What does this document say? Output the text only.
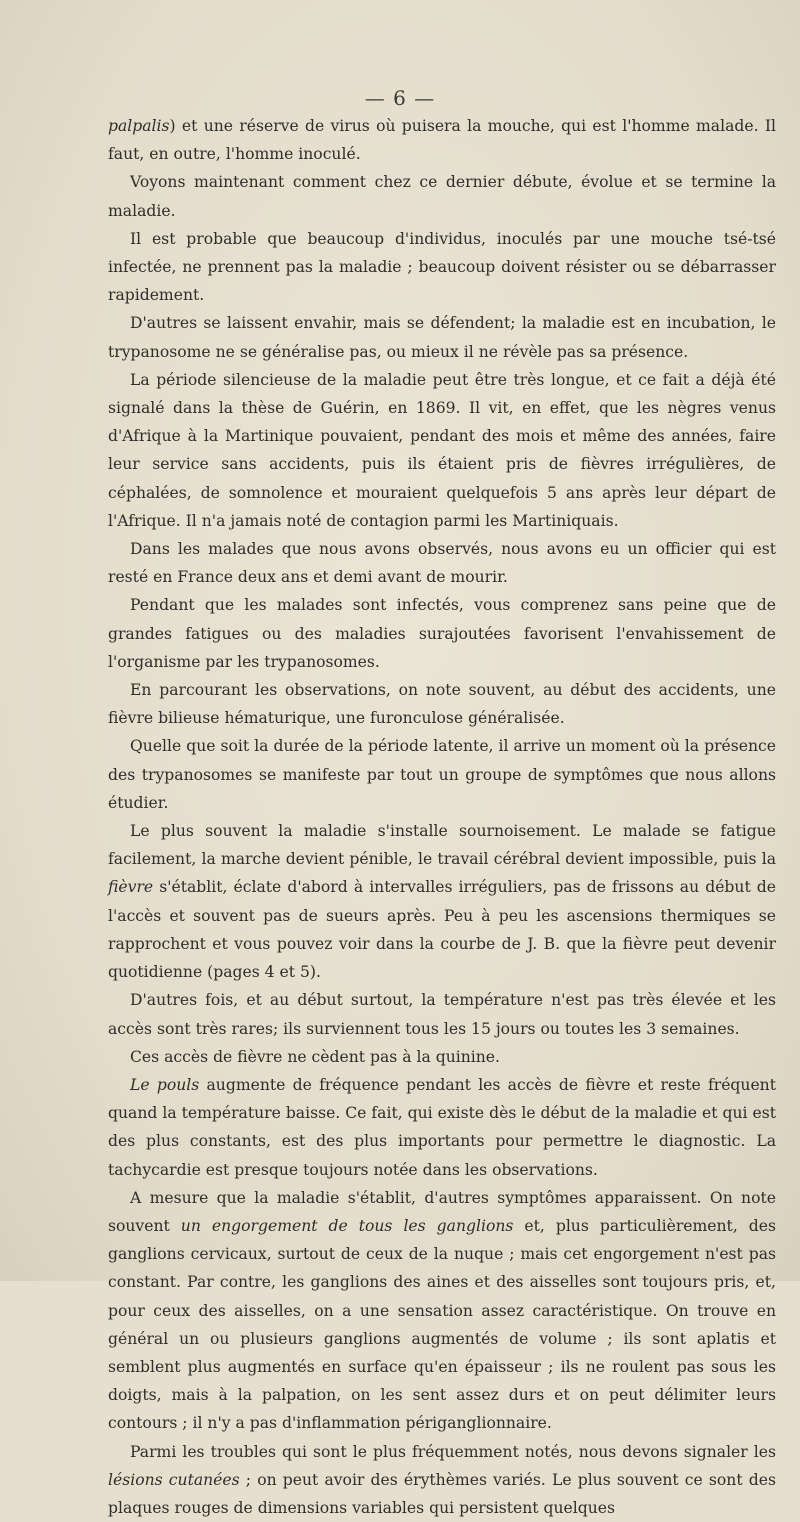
— 6 —

palpalis) et une réserve de virus où puisera la mouche, qui est l'homme malade. Il faut, en outre, l'homme inoculé.

Voyons maintenant comment chez ce dernier débute, évolue et se termine la maladie.

Il est probable que beaucoup d'individus, inoculés par une mouche tsé-tsé infectée, ne prennent pas la maladie ; beaucoup doivent résister ou se débarrasser rapidement.

D'autres se laissent envahir, mais se défendent; la maladie est en incubation, le trypanosome ne se généralise pas, ou mieux il ne révèle pas sa présence.

La période silencieuse de la maladie peut être très longue, et ce fait a déjà été signalé dans la thèse de Guérin, en 1869. Il vit, en effet, que les nègres venus d'Afrique à la Martinique pouvaient, pendant des mois et même des années, faire leur service sans accidents, puis ils étaient pris de fièvres irrégulières, de céphalées, de somnolence et mouraient quelquefois 5 ans après leur départ de l'Afrique. Il n'a jamais noté de contagion parmi les Martiniquais.

Dans les malades que nous avons observés, nous avons eu un officier qui est resté en France deux ans et demi avant de mourir.

Pendant que les malades sont infectés, vous comprenez sans peine que de grandes fatigues ou des maladies surajoutées favorisent l'envahissement de l'organisme par les trypanosomes.

En parcourant les observations, on note souvent, au début des accidents, une fièvre bilieuse hématurique, une furonculose généralisée.

Quelle que soit la durée de la période latente, il arrive un moment où la présence des trypanosomes se manifeste par tout un groupe de symptômes que nous allons étudier.

Le plus souvent la maladie s'installe sournoisement. Le malade se fatigue facilement, la marche devient pénible, le travail cérébral devient impossible, puis la fièvre s'établit, éclate d'abord à intervalles irréguliers, pas de frissons au début de l'accès et souvent pas de sueurs après. Peu à peu les ascensions thermiques se rapprochent et vous pouvez voir dans la courbe de J. B. que la fièvre peut devenir quotidienne (pages 4 et 5).

D'autres fois, et au début surtout, la température n'est pas très élevée et les accès sont très rares; ils surviennent tous les 15 jours ou toutes les 3 semaines.

Ces accès de fièvre ne cèdent pas à la quinine.

Le pouls augmente de fréquence pendant les accès de fièvre et reste fréquent quand la température baisse. Ce fait, qui existe dès le début de la maladie et qui est des plus constants, est des plus importants pour permettre le diagnostic. La tachycardie est presque toujours notée dans les observations.

A mesure que la maladie s'établit, d'autres symptômes apparaissent. On note souvent un engorgement de tous les ganglions et, plus particulièrement, des ganglions cervicaux, surtout de ceux de la nuque ; mais cet engorgement n'est pas constant. Par contre, les ganglions des aines et des aisselles sont toujours pris, et, pour ceux des aisselles, on a une sensation assez caractéristique. On trouve en général un ou plusieurs ganglions augmentés de volume ; ils sont aplatis et semblent plus augmentés en surface qu'en épaisseur ; ils ne roulent pas sous les doigts, mais à la palpation, on les sent assez durs et on peut délimiter leurs contours ; il n'y a pas d'inflammation périganglionnaire.

Parmi les troubles qui sont le plus fréquemment notés, nous devons signaler les lésions cutanées ; on peut avoir des érythèmes variés. Le plus souvent ce sont des plaques rouges de dimensions variables qui persistent quelques
